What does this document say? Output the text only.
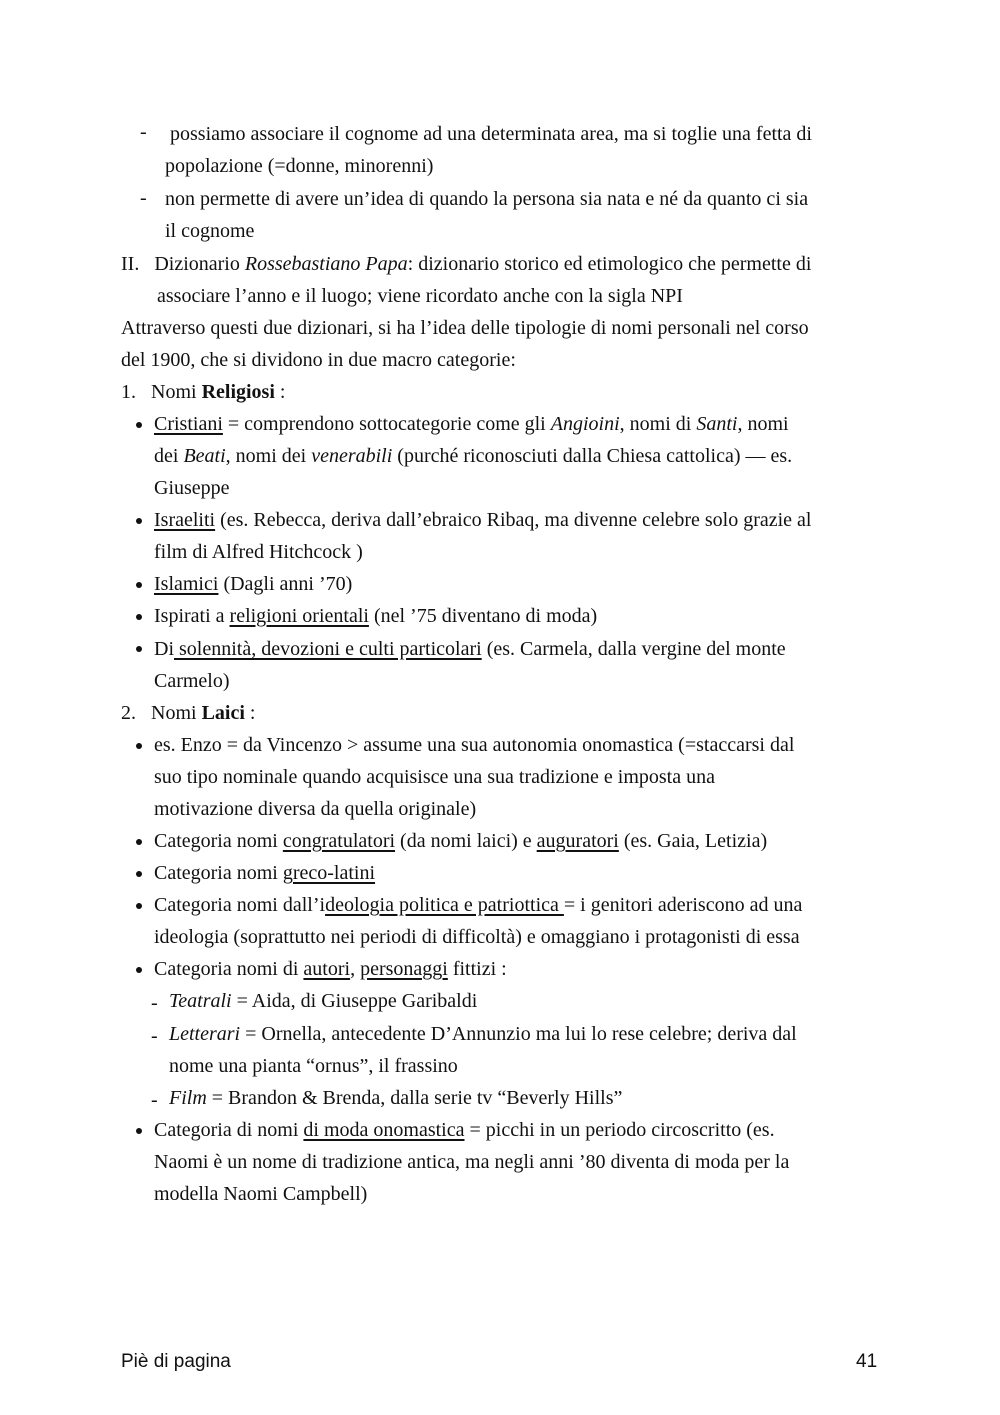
- possiamo associare il cognome ad una determinata area, ma si toglie una fetta di
popolazione (=donne, minorenni)
- non permette di avere un’idea di quando la persona sia nata e né da quanto ci sia
il cognome
II. Dizionario Rossebastiano Papa: dizionario storico ed etimologico che permette di
associare l’anno e il luogo; viene ricordato anche con la sigla NPI
Attraverso questi due dizionari, si ha l’idea delle tipologie di nomi personali nel corso
del 1900, che si dividono in due macro categorie:
1. Nomi Religiosi :
Cristiani = comprendono sottocategorie come gli Angioini, nomi di Santi, nomi
dei Beati, nomi dei venerabili (purché riconosciuti dalla Chiesa cattolica) — es.
Giuseppe
Israeliti (es. Rebecca, deriva dall’ebraico Ribaq, ma divenne celebre solo grazie al
film di Alfred Hitchcock )
Islamici (Dagli anni ’70)
Ispirati a religioni orientali (nel ’75 diventano di moda)
Di solennità, devozioni e culti particolari (es. Carmela, dalla vergine del monte
Carmelo)
2. Nomi Laici :
es. Enzo = da Vincenzo > assume una sua autonomia onomastica (=staccarsi dal
suo tipo nominale quando acquisisce una sua tradizione e imposta una
motivazione diversa da quella originale)
Categoria nomi congratulatori (da nomi laici) e auguratori (es. Gaia, Letizia)
Categoria nomi greco-latini
Categoria nomi dall’ideologia politica e patriottica = i genitori aderiscono ad una
ideologia (soprattutto nei periodi di difficoltà) e omaggiano i protagonisti di essa
Categoria nomi di autori, personaggi fittizi :
- Teatrali = Aida, di Giuseppe Garibaldi
- Letterari = Ornella, antecedente D’Annunzio ma lui lo rese celebre; deriva dal
nome una pianta “ornus”, il frassino
- Film = Brandon & Brenda, dalla serie tv “Beverly Hills”
Categoria di nomi di moda onomastica = picchi in un periodo circoscritto (es.
Naomi è un nome di tradizione antica, ma negli anni ’80 diventa di moda per la
modella Naomi Campbell)
Piè di pagina	41
